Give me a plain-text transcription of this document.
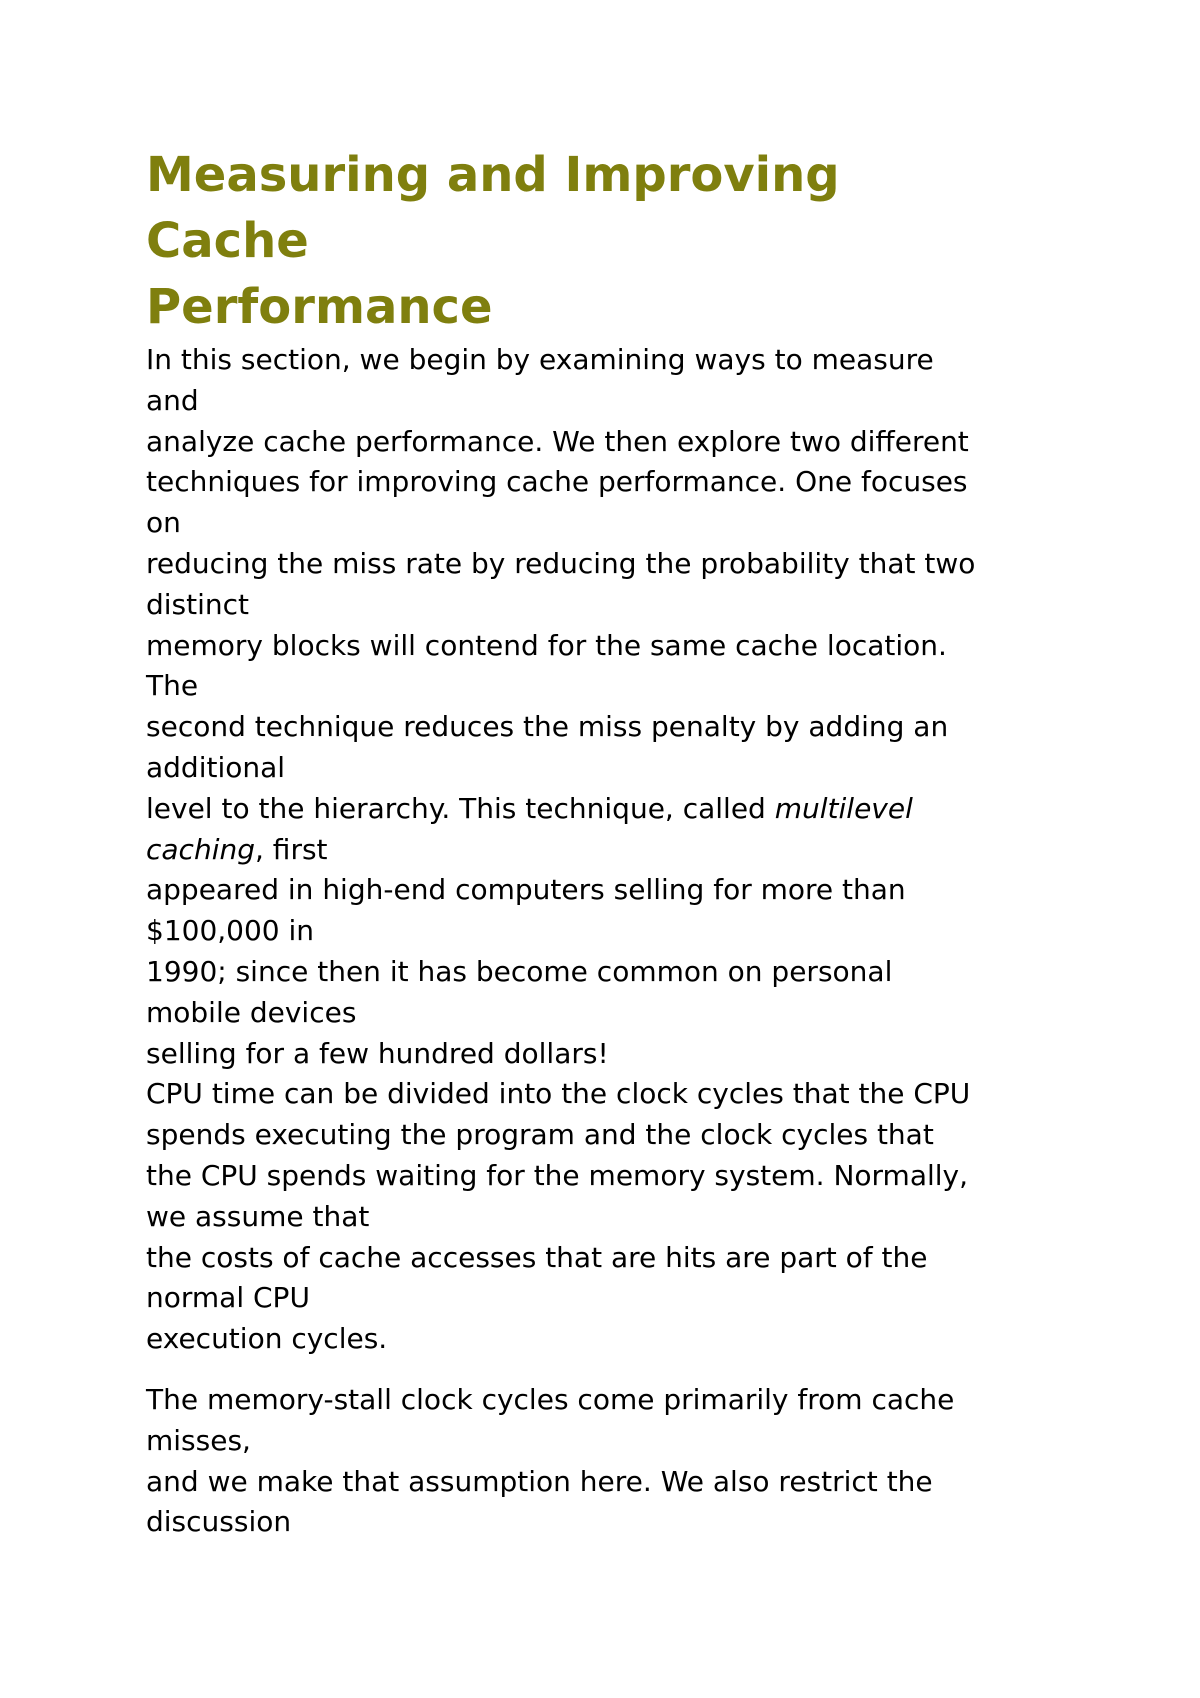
Measuring and Improving
Cache
Performance

In this section, we begin by examining ways to measure
and
analyze cache performance. We then explore two different
techniques for improving cache performance. One focuses
on
reducing the miss rate by reducing the probability that two
distinct
memory blocks will contend for the same cache location.
The
second technique reduces the miss penalty by adding an
additional
level to the hierarchy. This technique, called multilevel
caching, first
appeared in high-end computers selling for more than
$100,000 in
1990; since then it has become common on personal
mobile devices
selling for a few hundred dollars!
CPU time can be divided into the clock cycles that the CPU
spends executing the program and the clock cycles that
the CPU spends waiting for the memory system. Normally,
we assume that
the costs of cache accesses that are hits are part of the
normal CPU
execution cycles.

The memory-stall clock cycles come primarily from cache
misses,
and we make that assumption here. We also restrict the
discussion
